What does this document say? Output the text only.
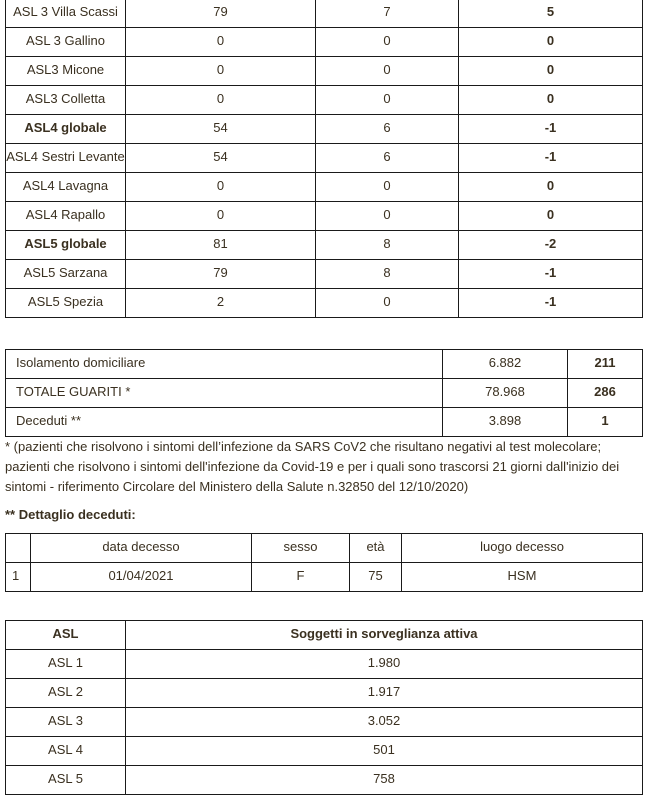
ASL 3 Villa Scassi	79	7	5

ASL 3 Gallino	0	0	0

ASL3 Micone	0	0	0

ASL3 Colletta	0	0	0

ASL4 globale	54	6	-1

ASL4 Sestri Levante	54	6	-1

ASL4 Lavagna	0	0	0

ASL4 Rapallo	0	0	0

ASL5 globale	81	8	-2

ASL5 Sarzana	79	8	-1

ASL5 Spezia	2	0	-1
Isolamento domiciliare	6.882	211

TOTALE GUARITI *	78.968	286

Deceduti **	3.898	1
* (pazienti che risolvono i sintomi dell’infezione da SARS CoV2 che risultano negativi al test molecolare; pazienti che risolvono i sintomi dell'infezione da Covid-19 e per i quali sono trascorsi 21 giorni dall'inizio dei sintomi - riferimento Circolare del Ministero della Salute n.32850 del 12/10/2020)
** Dettaglio deceduti:

	data decesso	sesso	età	luogo decesso

1	01/04/2021	F	75	HSM
ASL	Soggetti in sorveglianza attiva

ASL 1	1.980

ASL 2	1.917

ASL 3	3.052

ASL 4	501

ASL 5	758
